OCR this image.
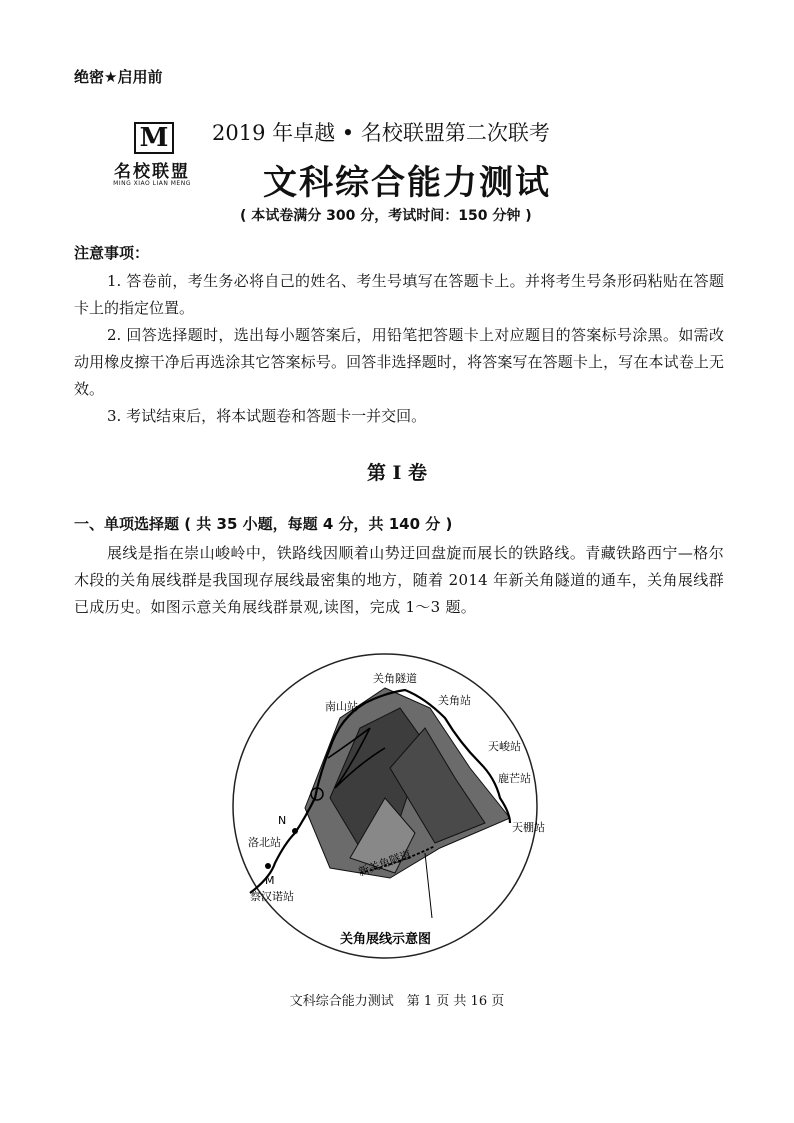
绝密★启用前
M
名校联盟
MING XIAO LIAN MENG
2019 年卓越 • 名校联盟第二次联考
文科综合能力测试
( 本试卷满分 300 分，考试时间：150 分钟 )
注意事项：
1. 答卷前，考生务必将自己的姓名、考生号填写在答题卡上。并将考生号条形码粘贴在答题卡上的指定位置。
2. 回答选择题时，选出每小题答案后，用铅笔把答题卡上对应题目的答案标号涂黑。如需改动用橡皮擦干净后再选涂其它答案标号。回答非选择题时，将答案写在答题卡上，写在本试卷上无效。
3. 考试结束后，将本试题卷和答题卡一并交回。
第 I 卷
一、单项选择题 ( 共 35 小题，每题 4 分，共 140 分 )
展线是指在崇山峻岭中，铁路线因顺着山势迂回盘旋而展长的铁路线。青藏铁路西宁—格尔木段的关角展线群是我国现存展线最密集的地方，随着 2014 年新关角隧道的通车，关角展线群已成历史。如图示意关角展线群景观,读图，完成 1～3 题。
关角隧道
关角站
南山站
天峻站
鹿芒站
天棚站
N
洛北站
M
察汉诺站
新关角隧道
关角展线示意图
文科综合能力测试　第 1 页 共 16 页
